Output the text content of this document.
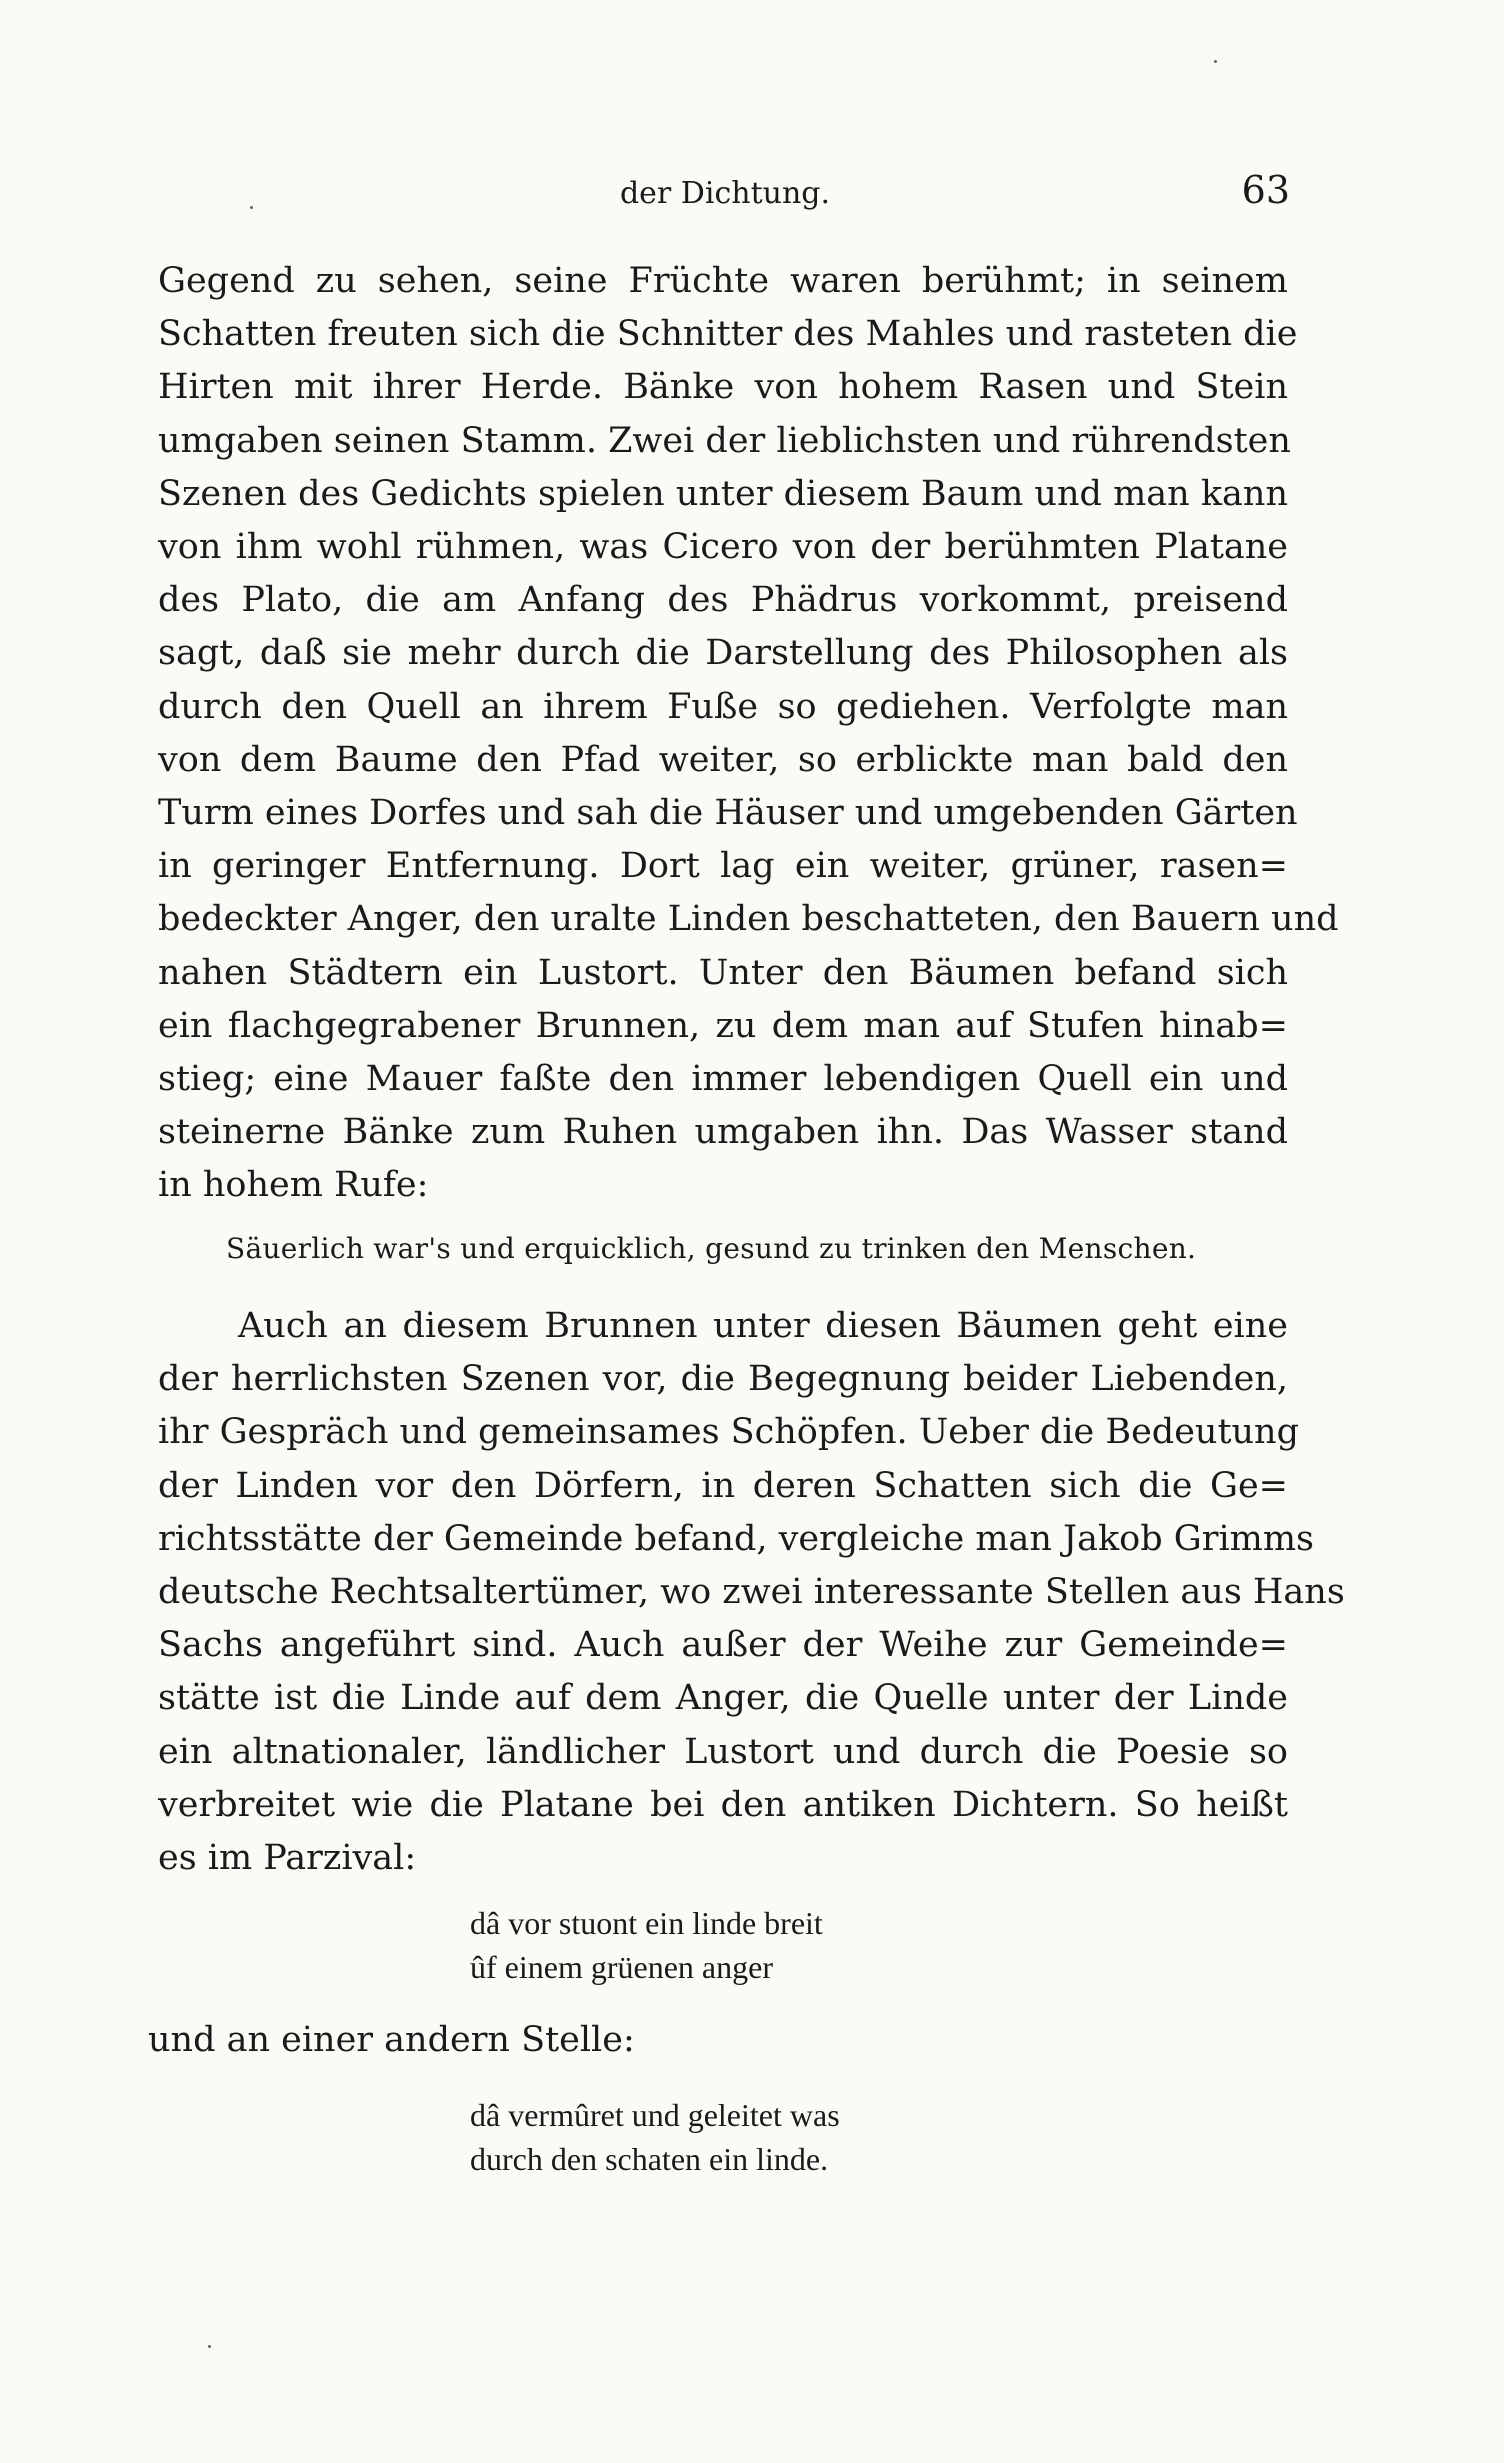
der Dichtung.	63
Gegend zu sehen, seine Früchte waren berühmt; in seinem
Schatten freuten sich die Schnitter des Mahles und rasteten die
Hirten mit ihrer Herde. Bänke von hohem Rasen und Stein
umgaben seinen Stamm. Zwei der lieblichsten und rührendsten
Szenen des Gedichts spielen unter diesem Baum und man kann
von ihm wohl rühmen, was Cicero von der berühmten Platane
des Plato, die am Anfang des Phädrus vorkommt, preisend
sagt, daß sie mehr durch die Darstellung des Philosophen als
durch den Quell an ihrem Fuße so gediehen. Verfolgte man
von dem Baume den Pfad weiter, so erblickte man bald den
Turm eines Dorfes und sah die Häuser und umgebenden Gärten
in geringer Entfernung. Dort lag ein weiter, grüner, rasen=
bedeckter Anger, den uralte Linden beschatteten, den Bauern und
nahen Städtern ein Lustort. Unter den Bäumen befand sich
ein flachgegrabener Brunnen, zu dem man auf Stufen hinab=
stieg; eine Mauer faßte den immer lebendigen Quell ein und
steinerne Bänke zum Ruhen umgaben ihn. Das Wasser stand
in hohem Rufe:
Säuerlich war's und erquicklich, gesund zu trinken den Menschen.
Auch an diesem Brunnen unter diesen Bäumen geht eine
der herrlichsten Szenen vor, die Begegnung beider Liebenden,
ihr Gespräch und gemeinsames Schöpfen. Ueber die Bedeutung
der Linden vor den Dörfern, in deren Schatten sich die Ge=
richtsstätte der Gemeinde befand, vergleiche man Jakob Grimms
deutsche Rechtsaltertümer, wo zwei interessante Stellen aus Hans
Sachs angeführt sind. Auch außer der Weihe zur Gemeinde=
stätte ist die Linde auf dem Anger, die Quelle unter der Linde
ein altnationaler, ländlicher Lustort und durch die Poesie so
verbreitet wie die Platane bei den antiken Dichtern. So heißt
es im Parzival:
dâ vor stuont ein linde breit
ûf einem grüenen anger
und an einer andern Stelle:
dâ vermûret und geleitet was
durch den schaten ein linde.
